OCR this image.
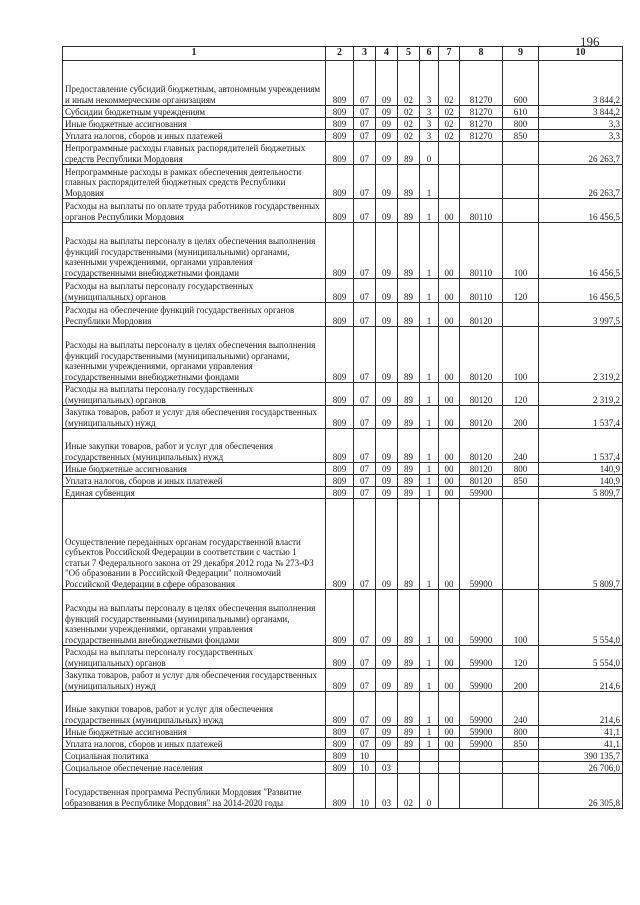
196
1	2	3	4	5	6	7	8	9	10
Предоставление субсидий бюджетным, автономным учреждениям и иным некоммерческим организациям	809	07	09	02	3	02	81270	600	3 844,2
Субсидии бюджетным учреждениям	809	07	09	02	3	02	81270	610	3 844,2
Иные бюджетные ассигнования	809	07	09	02	3	02	81270	800	3,3
Уплата налогов, сборов и иных платежей	809	07	09	02	3	02	81270	850	3,3
Непрограммные расходы главных распорядителей бюджетных средств Республики Мордовия	809	07	09	89	0				26 263,7
Непрограммные расходы в рамках обеспечения деятельности главных распорядителей бюджетных средств Республики Мордовия	809	07	09	89	1				26 263,7
Расходы на выплаты по оплате труда работников государственных органов Республики Мордовия	809	07	09	89	1	00	80110		16 456,5
Расходы на выплаты персоналу в целях обеспечения выполнения функций государственными (муниципальными) органами, казенными учреждениями, органами управления государственными внебюджетными фондами	809	07	09	89	1	00	80110	100	16 456,5
Расходы на выплаты персоналу государственных (муниципальных) органов	809	07	09	89	1	00	80110	120	16 456,5
Расходы на обеспечение функций государственных органов Республики Мордовия	809	07	09	89	1	00	80120		3 997,5
Расходы на выплаты персоналу в целях обеспечения выполнения функций государственными (муниципальными) органами, казенными учреждениями, органами управления государственными внебюджетными фондами	809	07	09	89	1	00	80120	100	2 319,2
Расходы на выплаты персоналу государственных (муниципальных) органов	809	07	09	89	1	00	80120	120	2 319,2
Закупка товаров, работ и услуг для обеспечения государственных (муниципальных) нужд	809	07	09	89	1	00	80120	200	1 537,4
Иные закупки товаров, работ и услуг для обеспечения государственных (муниципальных) нужд	809	07	09	89	1	00	80120	240	1 537,4
Иные бюджетные ассигнования	809	07	09	89	1	00	80120	800	140,9
Уплата налогов, сборов и иных платежей	809	07	09	89	1	00	80120	850	140,9
Единая субвенция	809	07	09	89	1	00	59900		5 809,7
Осуществление переданных органам государственной власти субъектов Российской Федерации в соответствии с частью 1 статьи 7 Федерального закона от 29 декабря 2012 года № 273-ФЗ "Об образовании в Российской Федерации" полномочий Российской Федерации в сфере образования	809	07	09	89	1	00	59900		5 809,7
Расходы на выплаты персоналу в целях обеспечения выполнения функций государственными (муниципальными) органами, казенными учреждениями, органами управления государственными внебюджетными фондами	809	07	09	89	1	00	59900	100	5 554,0
Расходы на выплаты персоналу государственных (муниципальных) органов	809	07	09	89	1	00	59900	120	5 554,0
Закупка товаров, работ и услуг для обеспечения государственных (муниципальных) нужд	809	07	09	89	1	00	59900	200	214,6
Иные закупки товаров, работ и услуг для обеспечения государственных (муниципальных) нужд	809	07	09	89	1	00	59900	240	214,6
Иные бюджетные ассигнования	809	07	09	89	1	00	59900	800	41,1
Уплата налогов, сборов и иных платежей	809	07	09	89	1	00	59900	850	41,1
Социальная политика	809	10							390 135,7
Социальное обеспечение населения	809	10	03						26 706,0
Государственная программа Республики Мордовия "Развитие образования в Республике Мордовия" на 2014-2020 годы	809	10	03	02	0				26 305,8
